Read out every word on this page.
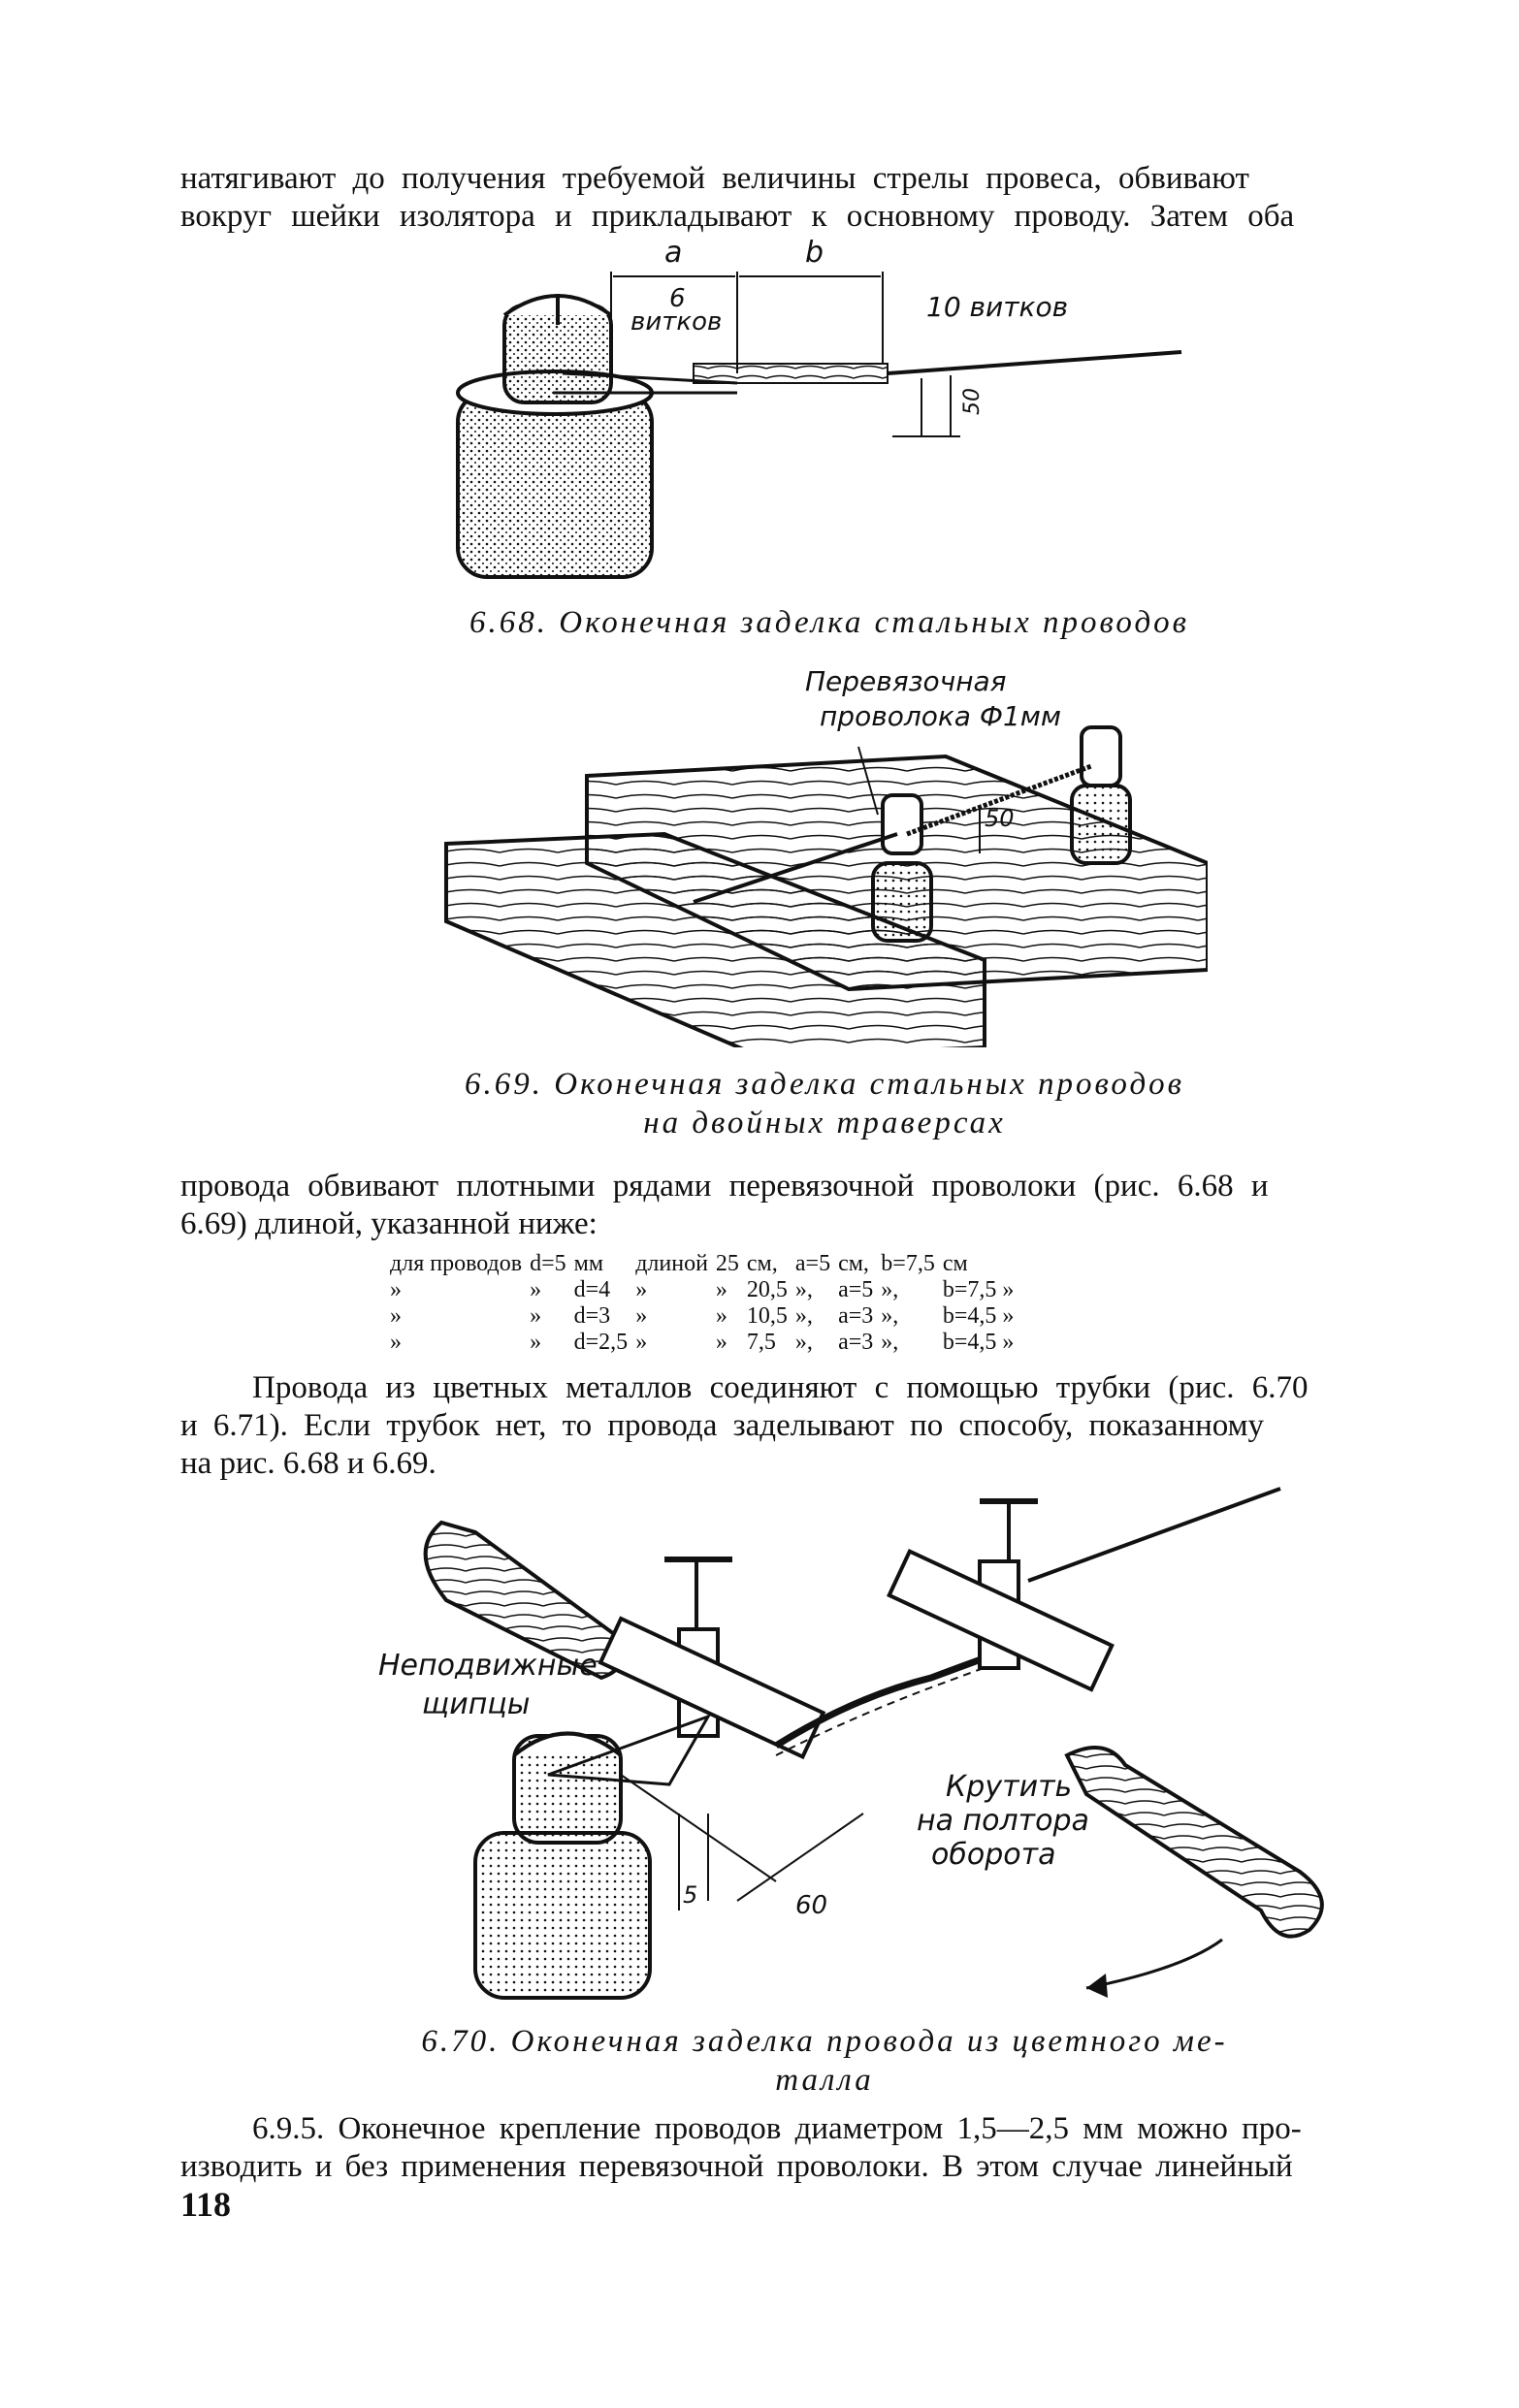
натягивают до получения требуемой величины стрелы провеса, обвивают
вокруг шейки изолятора и прикладывают к основному проводу. Затем оба

a	b
6
витков	10 витков
50

6.68. Оконечная заделка стальных проводов

Перевязочная
проволока Ф1мм
50

6.69. Оконечная заделка стальных проводов
на двойных траверсах

провода обвивают плотными рядами перевязочной проволоки (рис. 6.68 и
6.69) длиной, указанной ниже:

для проводов	d=5	мм	длиной	25	см,	a=5	см,	b=7,5	см
»	»	d=4	»	»	20,5	»,	a=5	»,	b=7,5 »
»	»	d=3	»	»	10,5	»,	a=3	»,	b=4,5 »
»	»	d=2,5	»	»	7,5	»,	a=3	»,	b=4,5 »

Провода из цветных металлов соединяют с помощью трубки (рис. 6.70
и 6.71). Если трубок нет, то провода заделывают по способу, показанному
на рис. 6.68 и 6.69.

Неподвижные
щипцы
Крутить
на полтора
оборота
5	60

6.70. Оконечная заделка провода из цветного ме-
талла

6.9.5. Оконечное крепление проводов диаметром 1,5—2,5 мм можно про-
изводить и без применения перевязочной проволоки. В этом случае линейный

118
